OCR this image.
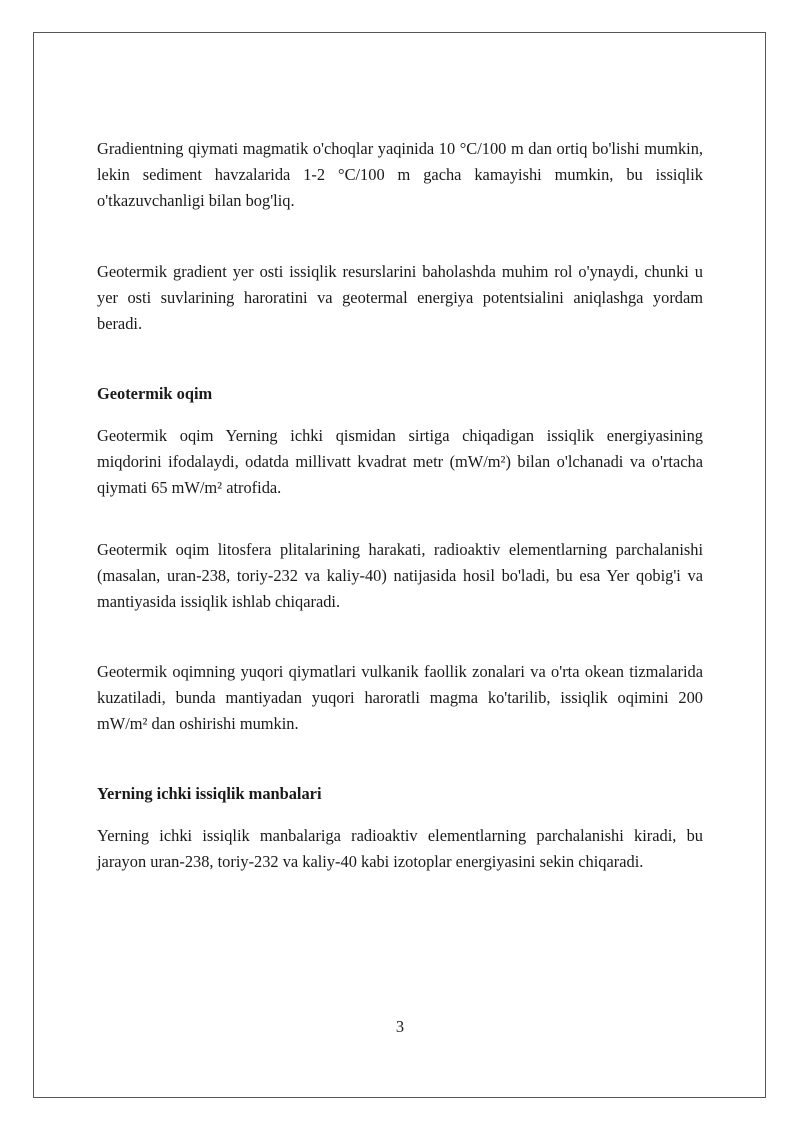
Gradientning qiymati magmatik o'choqlar yaqinida 10 °C/100 m dan ortiq bo'lishi mumkin, lekin sediment havzalarida 1-2 °C/100 m gacha kamayishi mumkin, bu issiqlik o'tkazuvchanligi bilan bog'liq.

Geotermik gradient yer osti issiqlik resurslarini baholashda muhim rol o'ynaydi, chunki u yer osti suvlarining haroratini va geotermal energiya potentsialini aniqlashga yordam beradi.

Geotermik oqim

Geotermik oqim Yerning ichki qismidan sirtiga chiqadigan issiqlik energiyasining miqdorini ifodalaydi, odatda millivatt kvadrat metr (mW/m²) bilan o'lchanadi va o'rtacha qiymati 65 mW/m² atrofida.

Geotermik oqim litosfera plitalarining harakati, radioaktiv elementlarning parchalanishi (masalan, uran-238, toriy-232 va kaliy-40) natijasida hosil bo'ladi, bu esa Yer qobig'i va mantiyasida issiqlik ishlab chiqaradi.

Geotermik oqimning yuqori qiymatlari vulkanik faollik zonalari va o'rta okean tizmalarida kuzatiladi, bunda mantiyadan yuqori haroratli magma ko'tarilib, issiqlik oqimini 200 mW/m² dan oshirishi mumkin.

Yerning ichki issiqlik manbalari

Yerning ichki issiqlik manbalariga radioaktiv elementlarning parchalanishi kiradi, bu jarayon uran-238, toriy-232 va kaliy-40 kabi izotoplar energiyasini sekin chiqaradi.

3
